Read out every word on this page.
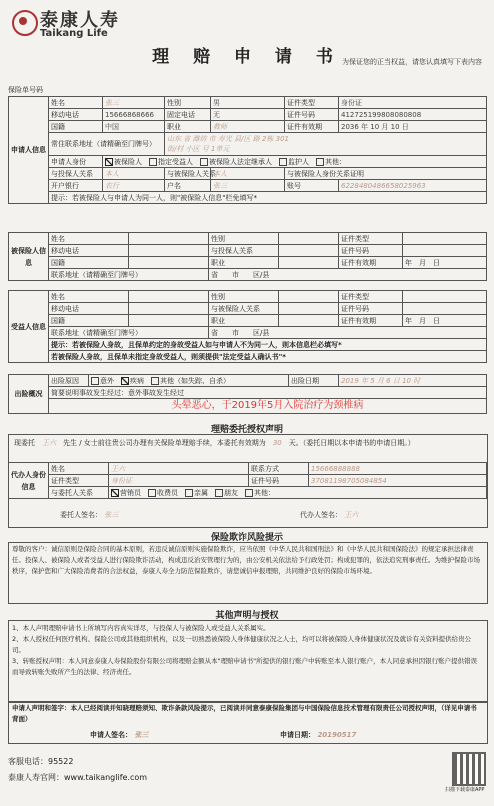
泰康人寿
Taikang Life
理 赔 申 请 书 为保证您的正当权益，请您认真填写下表内容
保险单号码
申请人信息	姓名	张三	性别	男	证件类型	身份证
	移动电话	15666868666	固定电话	无	证件号码	412725199808080808
	国籍	中国	职业	教师	证件有效期	2036 年 10 月 10 日
	常住联系地址（请精确至门牌号）		山东 省 潍坊 市 寿光 县/区 路 2栋 301
街/村 小区 号 1单元			
	申请人身份	被保险人　 指定受益人　 被保险人法定继承人　 监护人　 其他：				
	与投保人关系	本人	与被保险人关系	本人	与被保险人身份关系证明	
	开户银行	农行	户名	张三	账号	6228480486658025963
	提示：若被保险人与申请人为同一人，则"被保险人信息"栏免填写*					
被保险人信息	姓名		性别		证件类型	
	移动电话		与投保人关系		证件号码	
	国籍		职业		证件有效期	年　月　日
	联系地址（请精确至门牌号）		省　　市　　区/县			
受益人信息	姓名		性别		证件类型	
	移动电话		与被保险人关系		证件号码	
	国籍		职业		证件有效期	年　月　日
	联系地址（请精确至门牌号）		省　　市　　区/县			
	提示：若被保险人身故，且保单约定的身故受益人如与申请人不为同一人，则本信息栏必填写*					
	若被保险人身故，且保单未指定身故受益人，则须提供"法定受益人确认书"*					
出险概况	出险原因	意外　 疾病　 其他（如失踪、自杀）	出险日期	2019 年 5 月 6 日 10 时
简要说明事故发生经过：意外事故发生经过
头晕恶心，于2019年5月入院治疗为颈椎病
理赔委托授权声明
现委托　 王六　 先生 / 女士前往贵公司办理有关保险单理赔手续，本委托有效期为　 30　 天。（委托日期以本申请书的申请日期。）
代办人身份信息	姓名	王六	联系方式	15666888888
	证件类型	身份证	证件号码	37081198705084854
	与委托人关系	营销员　 收费员　 亲属　 朋友　 其他：		
委托人签名： 张三	代办人签名： 王六
保险欺诈风险提示
尊敬的客户：诚信原则是保险合同的基本原则，若违反诚信原则实施保险欺诈，应当依照《中华人民共和国刑法》和《中华人民共和国保险法》的规定承担法律责任。投保人、被保险人或者受益人进行保险欺诈活动，构成违反治安管理行为的，由公安机关依法给予行政处罚；构成犯罪的，依法追究刑事责任。为维护保险市场秩序，保护您和广大保险消费者的合法权益，泰康人寿全力防范保险欺诈，请您诚信申报理赔，共同维护良好的保险市场环境。
其他声明与授权
1、本人声明理赔申请书上所填写内容真实详尽，与投保人与被保险人或受益人关系属实。
2、本人授权任何医疗机构、保险公司或其他组织机构，以及一切熟悉被保险人身体健康状况之人士，均可以将被保险人身体健康状况及就诊有关资料提供给贵公司。
3、转账授权声明：本人同意泰康人寿保险股份有限公司将理赔金额从本"理赔申请书"所提供的银行账户中转账至本人银行账户，本人同意承担因银行账户提供错误而导致转账失败所产生的法律、经济责任。
申请人声明和签字：本人已经阅读并知晓理赔须知、欺诈条款风险提示，已阅读并同意泰康保险集团与中国保险信息技术管理有限责任公司授权声明，（详见申请书背面）
申请人签名： 张三	申请日期： 20190517
客服电话：95522
泰康人寿官网：www.taikanglife.com
扫描下载泰康APP
